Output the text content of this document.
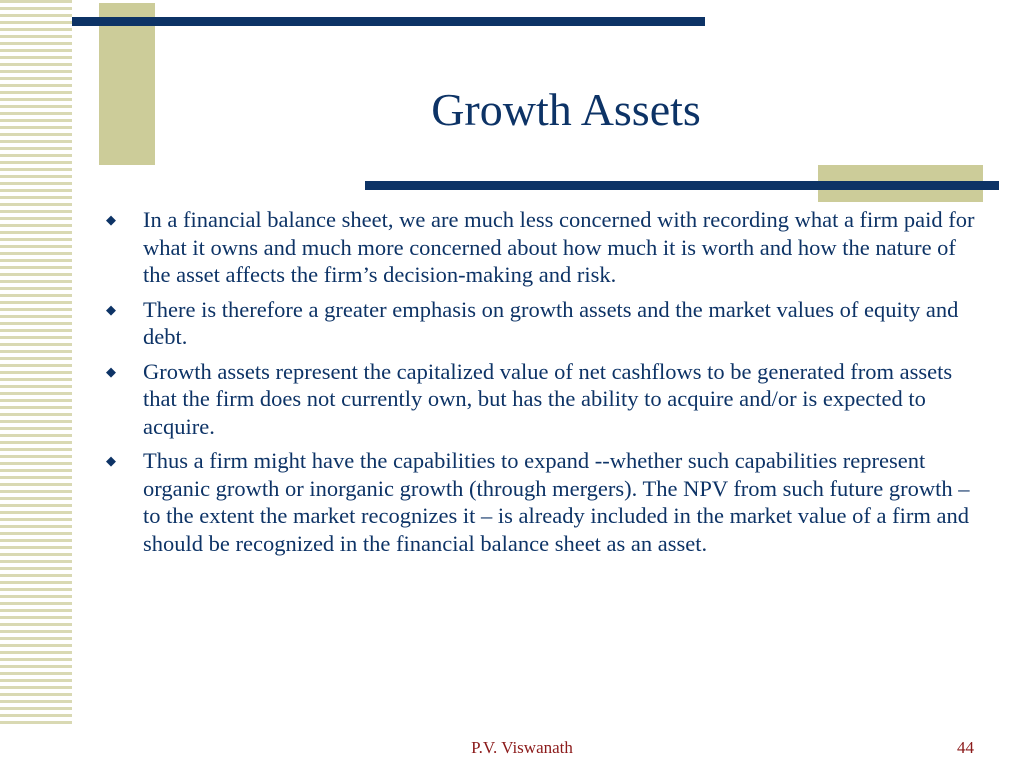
Growth Assets
◆ In a financial balance sheet, we are much less concerned with recording what a firm paid for what it owns and much more concerned about how much it is worth and how the nature of the asset affects the firm’s decision-making and risk.
◆ There is therefore a greater emphasis on growth assets and the market values of equity and debt.
◆ Growth assets represent the capitalized value of net cashflows to be generated from assets that the firm does not currently own, but has the ability to acquire and/or is expected to acquire.
◆ Thus a firm might have the capabilities to expand --whether such capabilities represent organic growth or inorganic growth (through mergers). The NPV from such future growth – to the extent the market recognizes it – is already included in the market value of a firm and should be recognized in the financial balance sheet as an asset.
P.V. Viswanath	44
